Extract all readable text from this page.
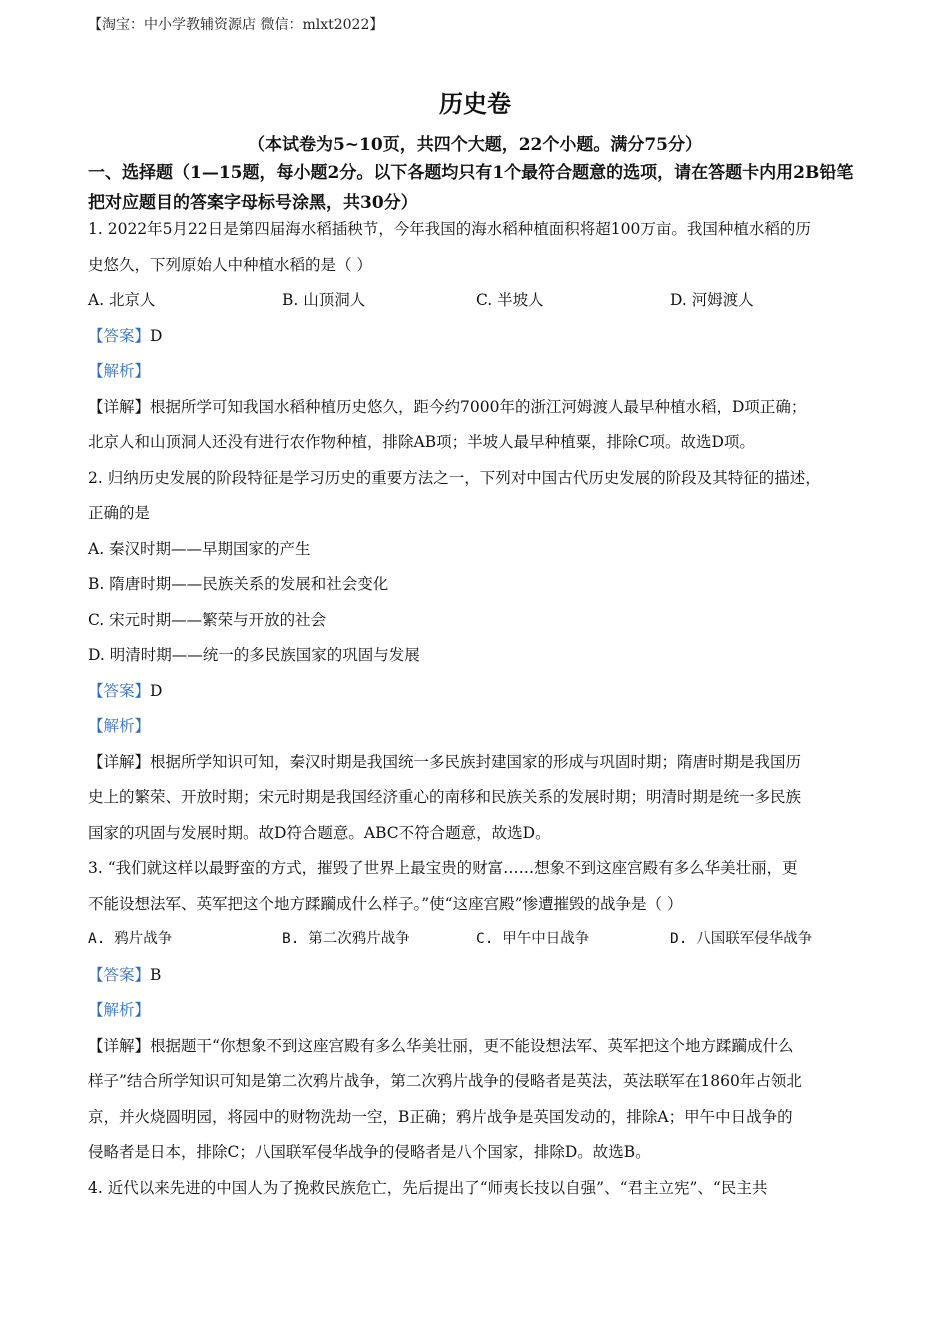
【淘宝：中小学教辅资源店 微信：mlxt2022】
历史卷
（本试卷为5~10页，共四个大题，22个小题。满分75分）
一、选择题（1—15题，每小题2分。以下各题均只有1个最符合题意的选项，请在答题卡内用2B铅笔把对应题目的答案字母标号涂黑，共30分）
1. 2022年5月22日是第四届海水稻插秧节，今年我国的海水稻种植面积将超100万亩。我国种植水稻的历
史悠久，下列原始人中种植水稻的是（ ）
A. 北京人	B. 山顶洞人	C. 半坡人	D. 河姆渡人
【答案】D
【解析】
【详解】根据所学可知我国水稻种植历史悠久，距今约7000年的浙江河姆渡人最早种植水稻，D项正确；
北京人和山顶洞人还没有进行农作物种植，排除AB项；半坡人最早种植粟，排除C项。故选D项。
2. 归纳历史发展的阶段特征是学习历史的重要方法之一，下列对中国古代历史发展的阶段及其特征的描述，
正确的是
A. 秦汉时期——早期国家的产生
B. 隋唐时期——民族关系的发展和社会变化
C. 宋元时期——繁荣与开放的社会
D. 明清时期——统一的多民族国家的巩固与发展
【答案】D
【解析】
【详解】根据所学知识可知，秦汉时期是我国统一多民族封建国家的形成与巩固时期；隋唐时期是我国历
史上的繁荣、开放时期；宋元时期是我国经济重心的南移和民族关系的发展时期；明清时期是统一多民族
国家的巩固与发展时期。故D符合题意。ABC不符合题意，故选D。
3. “我们就这样以最野蛮的方式，摧毁了世界上最宝贵的财富……想象不到这座宫殿有多么华美壮丽，更
不能设想法军、英军把这个地方蹂躏成什么样子。”使“这座宫殿”惨遭摧毁的战争是（ ）
A. 鸦片战争	B. 第二次鸦片战争	C. 甲午中日战争	D. 八国联军侵华战争
【答案】B
【解析】
【详解】根据题干“你想象不到这座宫殿有多么华美壮丽，更不能设想法军、英军把这个地方蹂躏成什么
样子”结合所学知识可知是第二次鸦片战争，第二次鸦片战争的侵略者是英法，英法联军在1860年占领北
京，并火烧圆明园，将园中的财物洗劫一空，B正确；鸦片战争是英国发动的，排除A；甲午中日战争的
侵略者是日本，排除C；八国联军侵华战争的侵略者是八个国家，排除D。故选B。
4. 近代以来先进的中国人为了挽救民族危亡，先后提出了“师夷长技以自强”、“君主立宪”、“民主共
